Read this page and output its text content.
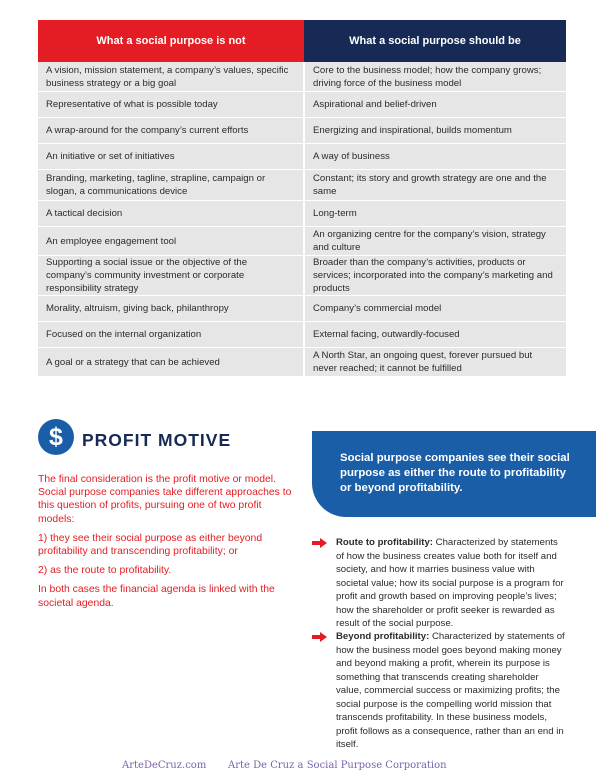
What a social purpose is not	What a social purpose should be
A vision, mission statement, a company’s values, specific business strategy or a big goal	Core to the business model; how the company grows; driving force of the business model
Representative of what is possible today	Aspirational and belief-driven
A wrap-around for the company’s current efforts	Energizing and inspirational, builds momentum
An initiative or set of initiatives	A way of business
Branding, marketing, tagline, strapline, campaign or slogan, a communications device	Constant; its story and growth strategy are one and the same
A tactical decision	Long-term
An employee engagement tool	An organizing centre for the company’s vision, strategy and culture
Supporting a social issue or the objective of the company’s community investment or corporate responsibility strategy	Broader than the company’s activities, products or services; incorporated into the company’s marketing and products
Morality, altruism, giving back, philanthropy	Company’s commercial model
Focused on the internal organization	External facing, outwardly-focused
A goal or a strategy that can be achieved	A North Star, an ongoing quest, forever pursued but never reached; it cannot be fulfilled
$	PROFIT MOTIVE

The final consideration is the profit motive or model. Social purpose companies take different approaches to this question of profits, pursuing one of two profit models:

1) they see their social purpose as either beyond profitability and transcending profitability; or

2) as the route to profitability.

In both cases the financial agenda is linked with the societal agenda.

Social purpose companies see their social purpose as either the route to profitability or beyond profitability.

Route to profitability: Characterized by statements of how the business creates value both for itself and society, and how it marries business value with societal value; how its social purpose is a program for profit and growth based on improving people’s lives; how the shareholder or profit seeker is rewarded as result of the social purpose.

Beyond profitability: Characterized by statements of how the business model goes beyond making money and beyond making a profit, wherein its purpose is something that transcends creating shareholder value, commercial success or maximizing profits; the social purpose is the compelling world mission that transcends profitability. In these business models, profit follows as a consequence, rather than an end in itself.

ArteDeCruz.com Arte De Cruz a Social Purpose Corporation
